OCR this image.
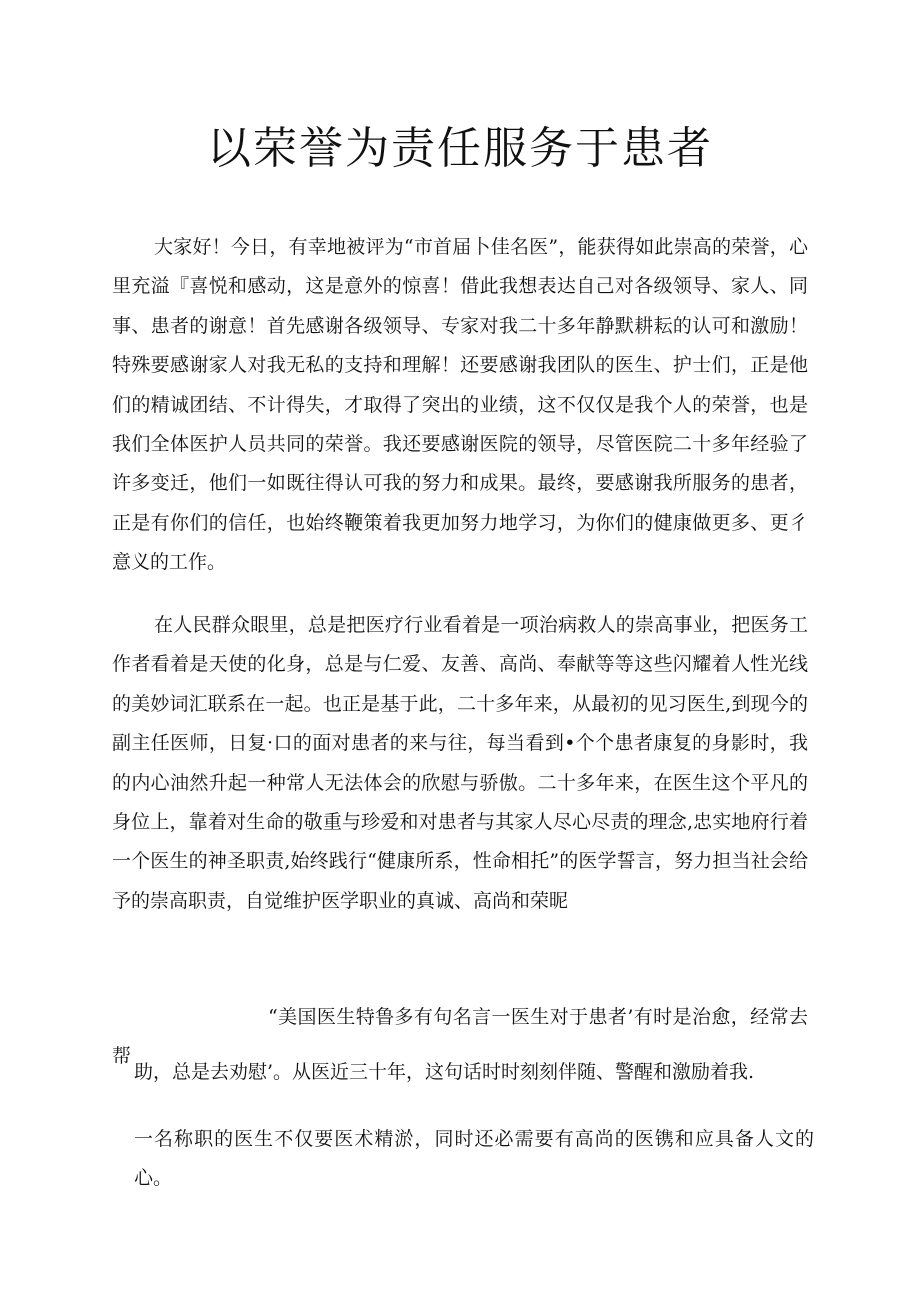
以荣誉为责任服务于患者

大家好！今日，有幸地被评为“市首届卜佳名医”，能获得如此崇高的荣誉，心里充溢『喜悦和感动，这是意外的惊喜！借此我想表达自己对各级领导、家人、同事、患者的谢意！首先感谢各级领导、专家对我二十多年静默耕耘的认可和激励！特殊要感谢家人对我无私的支持和理解！还要感谢我团队的医生、护士们，正是他们的精诚团结、不计得失，才取得了突出的业绩，这不仅仅是我个人的荣誉，也是我们全体医护人员共同的荣誉。我还要感谢医院的领导，尽管医院二十多年经验了许多变迁，他们一如既往得认可我的努力和成果。最终，要感谢我所服务的患者，正是有你们的信任，也始终鞭策着我更加努力地学习，为你们的健康做更多、更彳意义的工作。

在人民群众眼里，总是把医疗行业看着是一项治病救人的崇高事业，把医务工作者看着是天使的化身，总是与仁爱、友善、高尚、奉献等等这些闪耀着人性光线的美妙词汇联系在一起。也正是基于此，二十多年来，从最初的见习医生,到现今的副主任医师，日复·口的面对患者的来与往，每当看到•个个患者康复的身影时，我的内心油然升起一种常人无法体会的欣慰与骄傲。二十多年来，在医生这个平凡的身位上，靠着对生命的敬重与珍爱和对患者与其家人尽心尽责的理念,忠实地府行着一个医生的神圣职责,始终践行“健康所系，性命相托”的医学誓言，努力担当社会给予的崇高职责，自觉维护医学职业的真诚、高尚和荣昵

“美国医生特鲁多有句名言一医生对于患者’有时是治愈，经常去帮

助，总是去劝慰’。从医近三十年，这句话时时刻刻伴随、警醒和激励着我.

一名称职的医生不仅要医术精淤，同时还必需要有高尚的医镌和应具备人文的心。
